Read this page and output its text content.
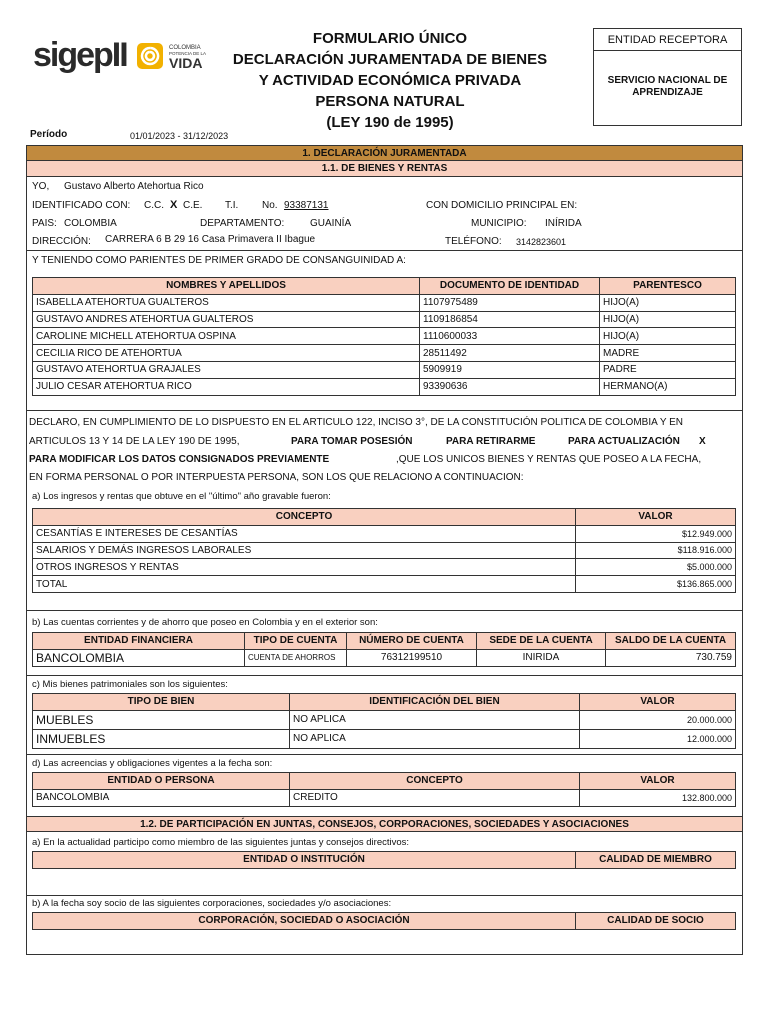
sigepII	COLOMBIA
POTENCIA DE LA
VIDA
FORMULARIO ÚNICO
DECLARACIÓN JURAMENTADA DE BIENES
Y ACTIVIDAD ECONÓMICA PRIVADA
PERSONA NATURAL
(LEY 190 de 1995)
ENTIDAD RECEPTORA
SERVICIO NACIONAL DE APRENDIZAJE
Período	01/01/2023 - 31/12/2023
1. DECLARACIÓN JURAMENTADA
1.1. DE BIENES Y RENTAS
YO, Gustavo Alberto Atehortua Rico
IDENTIFICADO CON: C.C. X C.E. T.I. No. 93387131	CON DOMICILIO PRINCIPAL EN:
PAIS: COLOMBIA	DEPARTAMENTO:	GUAINÍA	MUNICIPIO: INÍRIDA
DIRECCIÓN: CARRERA 6 B 29 16 Casa Primavera II Ibague	TELÉFONO: 3142823601
Y TENIENDO COMO PARIENTES DE PRIMER GRADO DE CONSANGUINIDAD A:
NOMBRES Y APELLIDOS	DOCUMENTO DE IDENTIDAD	PARENTESCO
ISABELLA ATEHORTUA GUALTEROS	1107975489	HIJO(A)
GUSTAVO ANDRES ATEHORTUA GUALTEROS	1109186854	HIJO(A)
CAROLINE MICHELL ATEHORTUA OSPINA	1110600033	HIJO(A)
CECILIA RICO DE ATEHORTUA	28511492	MADRE
GUSTAVO ATEHORTUA GRAJALES	5909919	PADRE
JULIO CESAR ATEHORTUA RICO	93390636	HERMANO(A)
DECLARO, EN CUMPLIMIENTO DE LO DISPUESTO EN EL ARTICULO 122, INCISO 3°, DE LA CONSTITUCIÓN POLITICA DE COLOMBIA Y EN
ARTICULOS 13 Y 14 DE LA LEY 190 DE 1995,	PARA TOMAR POSESIÓN	PARA RETIRARME	PARA ACTUALIZACIÓN X
PARA MODIFICAR LOS DATOS CONSIGNADOS PREVIAMENTE	,QUE LOS UNICOS BIENES Y RENTAS QUE POSEO A LA FECHA,
EN FORMA PERSONAL O POR INTERPUESTA PERSONA, SON LOS QUE RELACIONO A CONTINUACION:
a) Los ingresos y rentas que obtuve en el "último" año gravable fueron:
CONCEPTO	VALOR
CESANTÍAS E INTERESES DE CESANTÍAS	$12.949.000
SALARIOS Y DEMÁS INGRESOS LABORALES	$118.916.000
OTROS INGRESOS Y RENTAS	$5.000.000
TOTAL	$136.865.000
b) Las cuentas corrientes y de ahorro que poseo en Colombia y en el exterior son:
ENTIDAD FINANCIERA	TIPO DE CUENTA	NÚMERO DE CUENTA	SEDE DE LA CUENTA	SALDO DE LA CUENTA
BANCOLOMBIA	CUENTA DE AHORROS	76312199510	INIRIDA	730.759
c) Mis bienes patrimoniales son los siguientes:
TIPO DE BIEN	IDENTIFICACIÓN DEL BIEN	VALOR
MUEBLES	NO APLICA	20.000.000
INMUEBLES	NO APLICA	12.000.000
d) Las acreencias y obligaciones vigentes a la fecha son:
ENTIDAD O PERSONA	CONCEPTO	VALOR
BANCOLOMBIA	CREDITO	132.800.000
1.2. DE PARTICIPACIÓN EN JUNTAS, CONSEJOS, CORPORACIONES, SOCIEDADES Y ASOCIACIONES
a) En la actualidad participo como miembro de las siguientes juntas y consejos directivos:
ENTIDAD O INSTITUCIÓN	CALIDAD DE MIEMBRO
b) A la fecha soy socio de las siguientes corporaciones, sociedades y/o asociaciones:
CORPORACIÓN, SOCIEDAD O ASOCIACIÓN	CALIDAD DE SOCIO
